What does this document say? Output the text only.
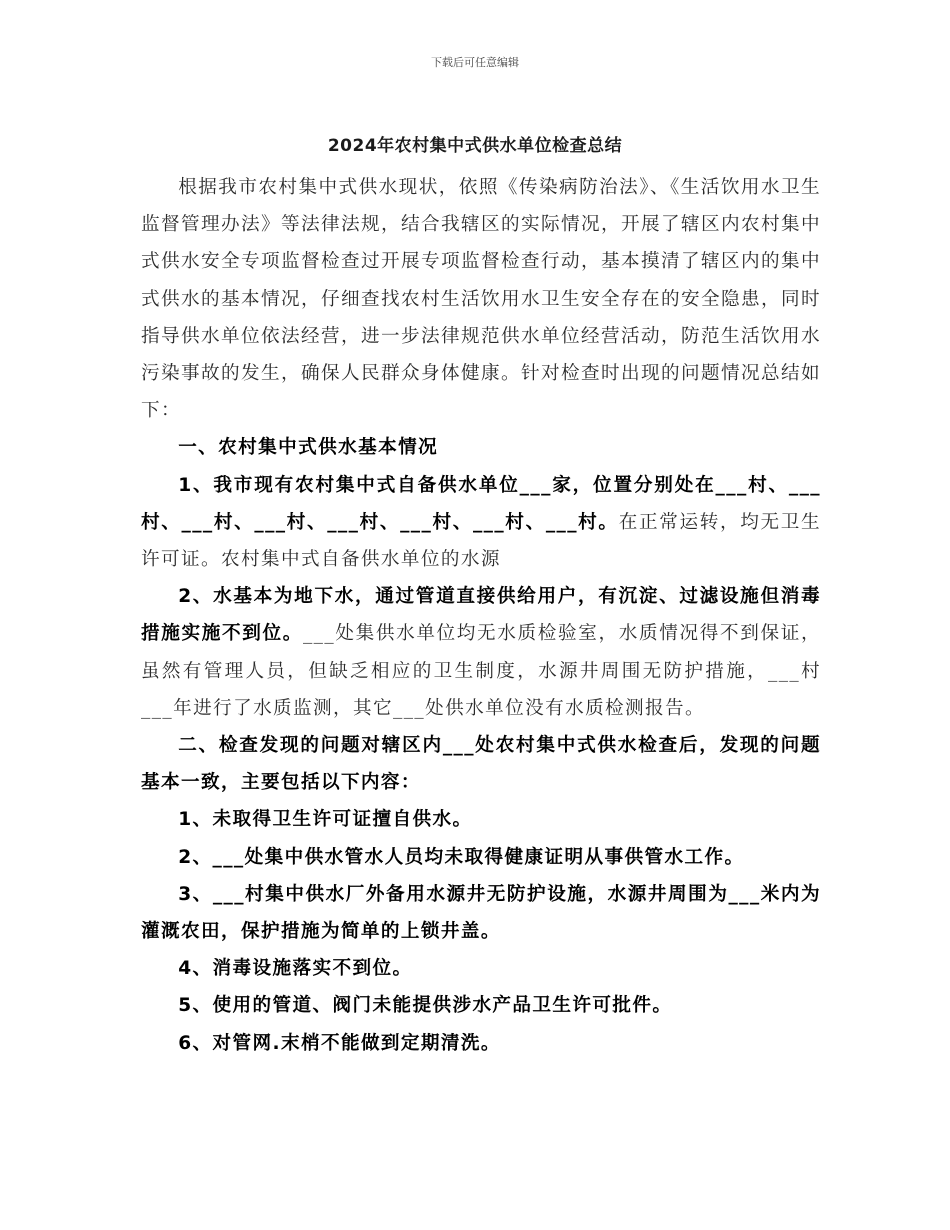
下载后可任意编辑
2024年农村集中式供水单位检查总结

根据我市农村集中式供水现状，依照《传染病防治法》、《生活饮用水卫生监督管理办法》等法律法规，结合我辖区的实际情况，开展了辖区内农村集中式供水安全专项监督检查过开展专项监督检查行动，基本摸清了辖区内的集中式供水的基本情况，仔细查找农村生活饮用水卫生安全存在的安全隐患，同时指导供水单位依法经营，进一步法律规范供水单位经营活动，防范生活饮用水污染事故的发生，确保人民群众身体健康。针对检查时出现的问题情况总结如下：

一、农村集中式供水基本情况

1、我市现有农村集中式自备供水单位___家，位置分别处在___村、___村、___村、___村、___村、___村、___村、___村。在正常运转，均无卫生许可证。农村集中式自备供水单位的水源

2、水基本为地下水，通过管道直接供给用户，有沉淀、过滤设施但消毒措施实施不到位。___处集供水单位均无水质检验室，水质情况得不到保证，虽然有管理人员，但缺乏相应的卫生制度，水源井周围无防护措施，___村___年进行了水质监测，其它___处供水单位没有水质检测报告。

二、检查发现的问题对辖区内___处农村集中式供水检查后，发现的问题基本一致，主要包括以下内容：

1、未取得卫生许可证擅自供水。

2、___处集中供水管水人员均未取得健康证明从事供管水工作。

3、___村集中供水厂外备用水源井无防护设施，水源井周围为___米内为灌溉农田，保护措施为简单的上锁井盖。

4、消毒设施落实不到位。

5、使用的管道、阀门未能提供涉水产品卫生许可批件。

6、对管网.末梢不能做到定期清洗。
